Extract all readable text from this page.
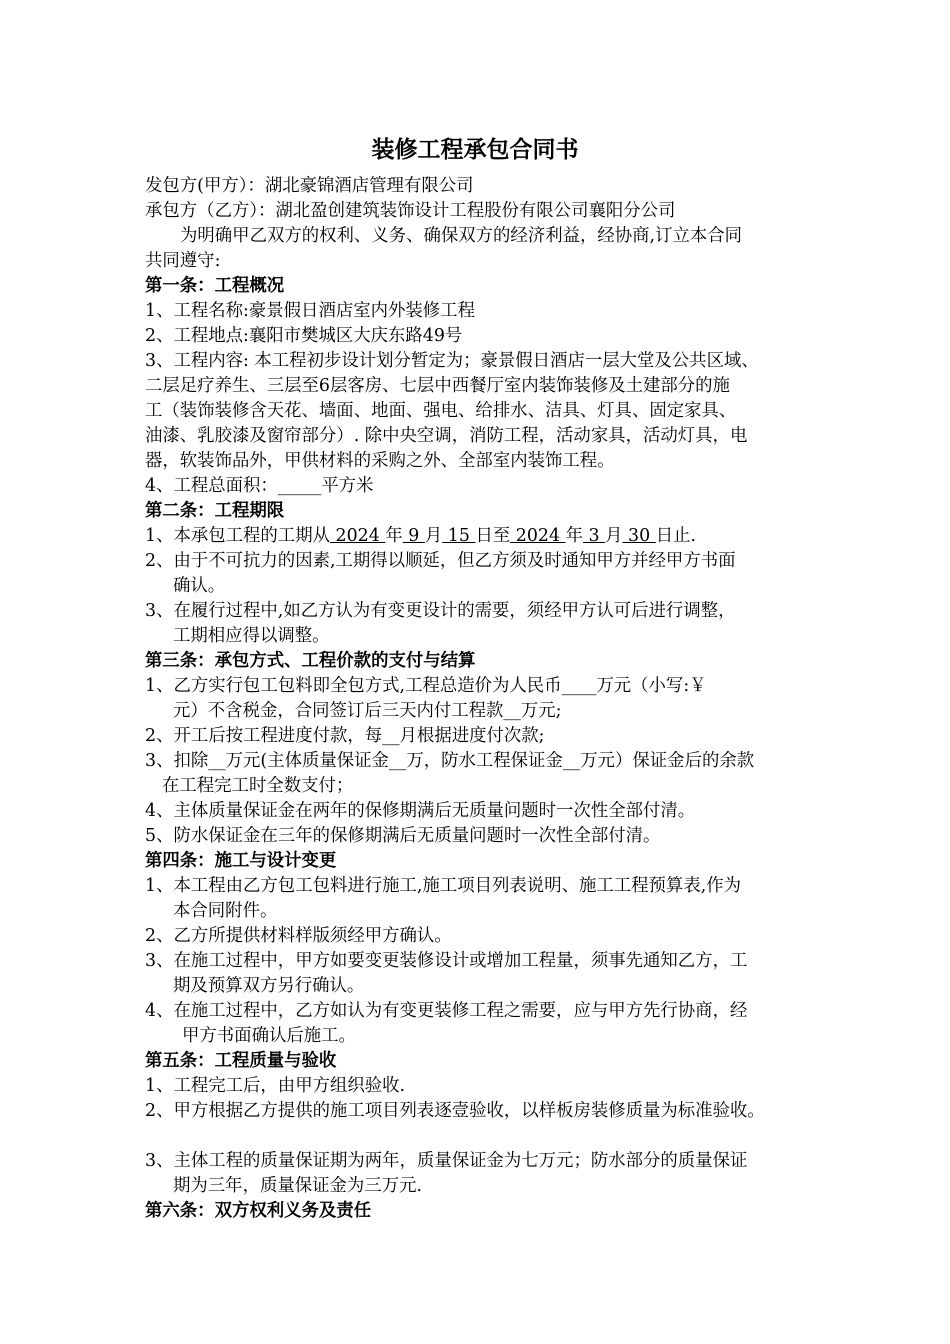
装修工程承包合同书
发包方(甲方）：湖北豪锦酒店管理有限公司
承包方（乙方）：湖北盈创建筑装饰设计工程股份有限公司襄阳分公司
为明确甲乙双方的权利、义务、确保双方的经济利益，经协商,订立本合同
共同遵守:
第一条：工程概况
1、工程名称:豪景假日酒店室内外装修工程
2、工程地点:襄阳市樊城区大庆东路49号
3、工程内容: 本工程初步设计划分暂定为；豪景假日酒店一层大堂及公共区域、
二层足疗养生、三层至6层客房、七层中西餐厅室内装饰装修及土建部分的施
工（装饰装修含天花、墙面、地面、强电、给排水、洁具、灯具、固定家具、
油漆、乳胶漆及窗帘部分）. 除中央空调，消防工程，活动家具，活动灯具，电
器，软装饰品外，甲供材料的采购之外、全部室内装饰工程。
4、工程总面积：_____平方米
第二条：工程期限
1、本承包工程的工期从 2024 年 9 月 15 日至 2024 年 3 月 30 日止.
2、由于不可抗力的因素,工期得以顺延，但乙方须及时通知甲方并经甲方书面
确认。
3、在履行过程中,如乙方认为有变更设计的需要，须经甲方认可后进行调整，
工期相应得以调整。
第三条：承包方式、工程价款的支付与结算
1、乙方实行包工包料即全包方式,工程总造价为人民币____万元（小写:￥
元）不含税金，合同签订后三天内付工程款__万元;
2、开工后按工程进度付款，每__月根据进度付次款;
3、扣除__万元(主体质量保证金__万，防水工程保证金__万元）保证金后的余款
在工程完工时全数支付；
4、主体质量保证金在两年的保修期满后无质量问题时一次性全部付清。
5、防水保证金在三年的保修期满后无质量问题时一次性全部付清。
第四条：施工与设计变更
1、本工程由乙方包工包料进行施工,施工项目列表说明、施工工程预算表,作为
本合同附件。
2、乙方所提供材料样版须经甲方确认。
3、在施工过程中，甲方如要变更装修设计或增加工程量，须事先通知乙方，工
期及预算双方另行确认。
4、在施工过程中，乙方如认为有变更装修工程之需要，应与甲方先行协商，经
甲方书面确认后施工。
第五条：工程质量与验收
1、工程完工后，由甲方组织验收.
2、甲方根据乙方提供的施工项目列表逐壹验收，以样板房装修质量为标准验收。
3、主体工程的质量保证期为两年，质量保证金为七万元；防水部分的质量保证
期为三年，质量保证金为三万元.
第六条：双方权利义务及责任
